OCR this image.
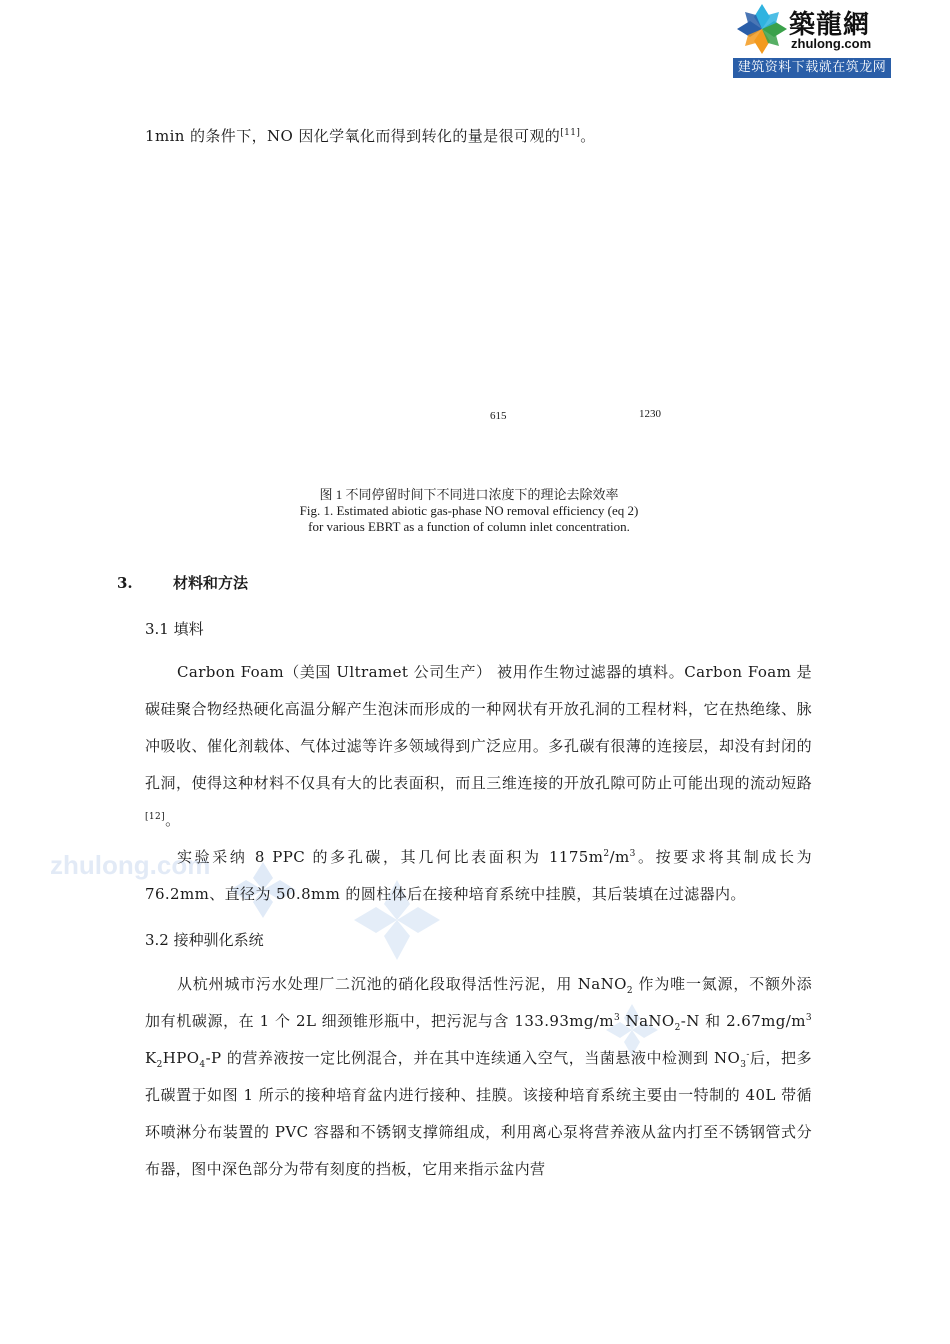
築龍網
zhulong.com
建筑资料下载就在筑龙网
zhulong.com
1min 的条件下，NO 因化学氧化而得到转化的量是很可观的[11]。
615	1230
图 1 不同停留时间下不同进口浓度下的理论去除效率
Fig. 1. Estimated abiotic gas-phase NO removal efficiency (eq 2)
for various EBRT as a function of column inlet concentration.
3.	材料和方法
3.1 填料

Carbon Foam（美国 Ultramet 公司生产） 被用作生物过滤器的填料。Carbon Foam 是碳硅聚合物经热硬化高温分解产生泡沫而形成的一种网状有开放孔洞的工程材料，它在热绝缘、脉冲吸收、催化剂载体、气体过滤等许多领域得到广泛应用。多孔碳有很薄的连接层，却没有封闭的孔洞，使得这种材料不仅具有大的比表面积，而且三维连接的开放孔隙可防止可能出现的流动短路[12]。

实验采纳 8 PPC 的多孔碳，其几何比表面积为 $1175m^2/m^3$。按要求将其制成长为 76.2mm、直径为 50.8mm 的圆柱体后在接种培育系统中挂膜，其后装填在过滤器内。

3.2 接种驯化系统

从杭州城市污水处理厂二沉池的硝化段取得活性污泥，用 NaNO$_2$ 作为唯一氮源，不额外添加有机碳源，在 1 个 2L 细颈锥形瓶中，把污泥与含 $133.93mg/m^3$ NaNO$_2$-N 和 $2.67mg/m^3$ $K_2HPO_4-P$ 的营养液按一定比例混合，并在其中连续通入空气，当菌悬液中检测到 $NO_3^-$后，把多孔碳置于如图 1 所示的接种培育盆内进行接种、挂膜。该接种培育系统主要由一特制的 40L 带循环喷淋分布装置的 PVC 容器和不锈钢支撑筛组成，利用离心泵将营养液从盆内打至不锈钢管式分布器，图中深色部分为带有刻度的挡板，它用来指示盆内营
